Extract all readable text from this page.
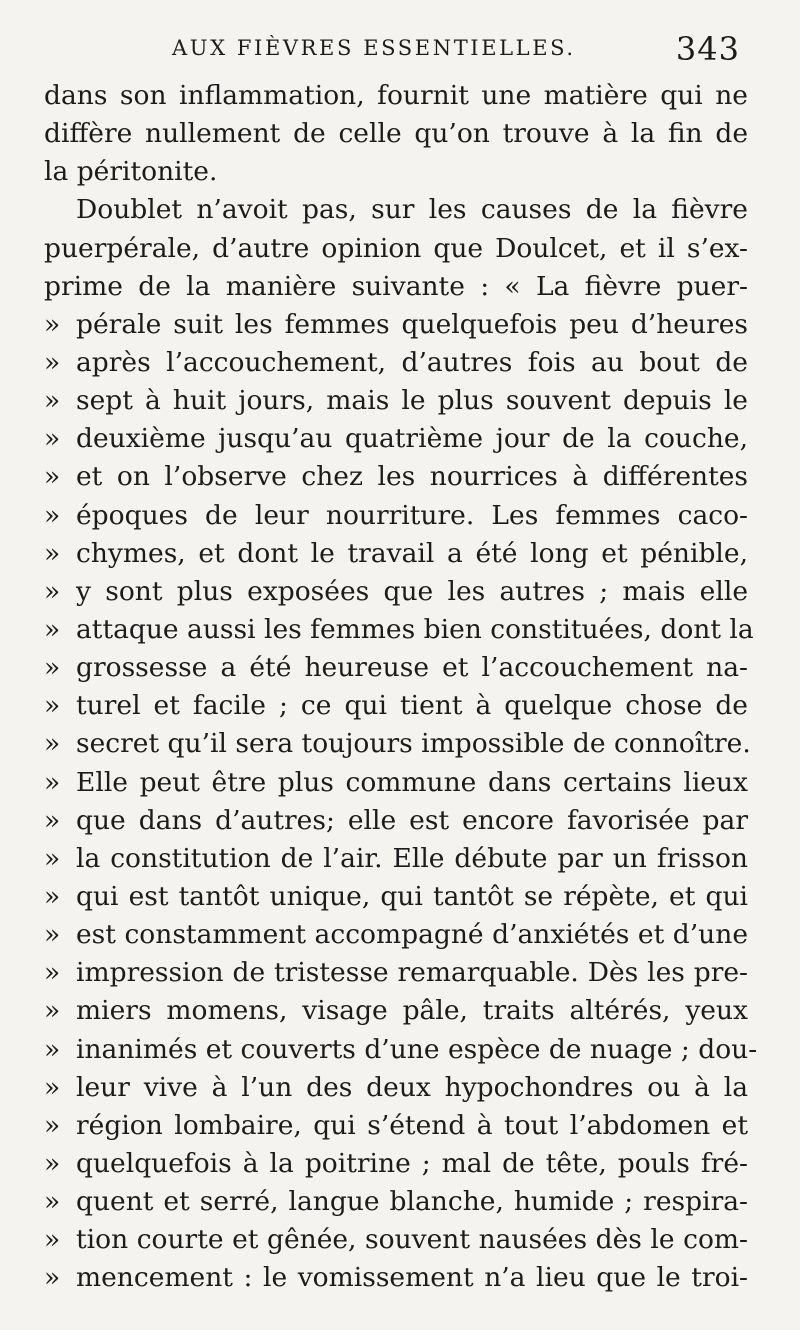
AUX FIÈVRES ESSENTIELLES.	343
dans son inflammation, fournit une matière qui ne
diffère nullement de celle qu’on trouve à la fin de
la péritonite.
Doublet n’avoit pas, sur les causes de la fièvre
puerpérale, d’autre opinion que Doulcet, et il s’ex-
prime de la manière suivante : « La fièvre puer-
» pérale suit les femmes quelquefois peu d’heures
» après l’accouchement, d’autres fois au bout de
» sept à huit jours, mais le plus souvent depuis le
» deuxième jusqu’au quatrième jour de la couche,
» et on l’observe chez les nourrices à différentes
» époques de leur nourriture. Les femmes caco-
» chymes, et dont le travail a été long et pénible,
» y sont plus exposées que les autres ; mais elle
» attaque aussi les femmes bien constituées, dont la
» grossesse a été heureuse et l’accouchement na-
» turel et facile ; ce qui tient à quelque chose de
» secret qu’il sera toujours impossible de connoître.
» Elle peut être plus commune dans certains lieux
» que dans d’autres; elle est encore favorisée par
» la constitution de l’air. Elle débute par un frisson
» qui est tantôt unique, qui tantôt se répète, et qui
» est constamment accompagné d’anxiétés et d’une
» impression de tristesse remarquable. Dès les pre-
» miers momens, visage pâle, traits altérés, yeux
» inanimés et couverts d’une espèce de nuage ; dou-
» leur vive à l’un des deux hypochondres ou à la
» région lombaire, qui s’étend à tout l’abdomen et
» quelquefois à la poitrine ; mal de tête, pouls fré-
» quent et serré, langue blanche, humide ; respira-
» tion courte et gênée, souvent nausées dès le com-
» mencement : le vomissement n’a lieu que le troi-
